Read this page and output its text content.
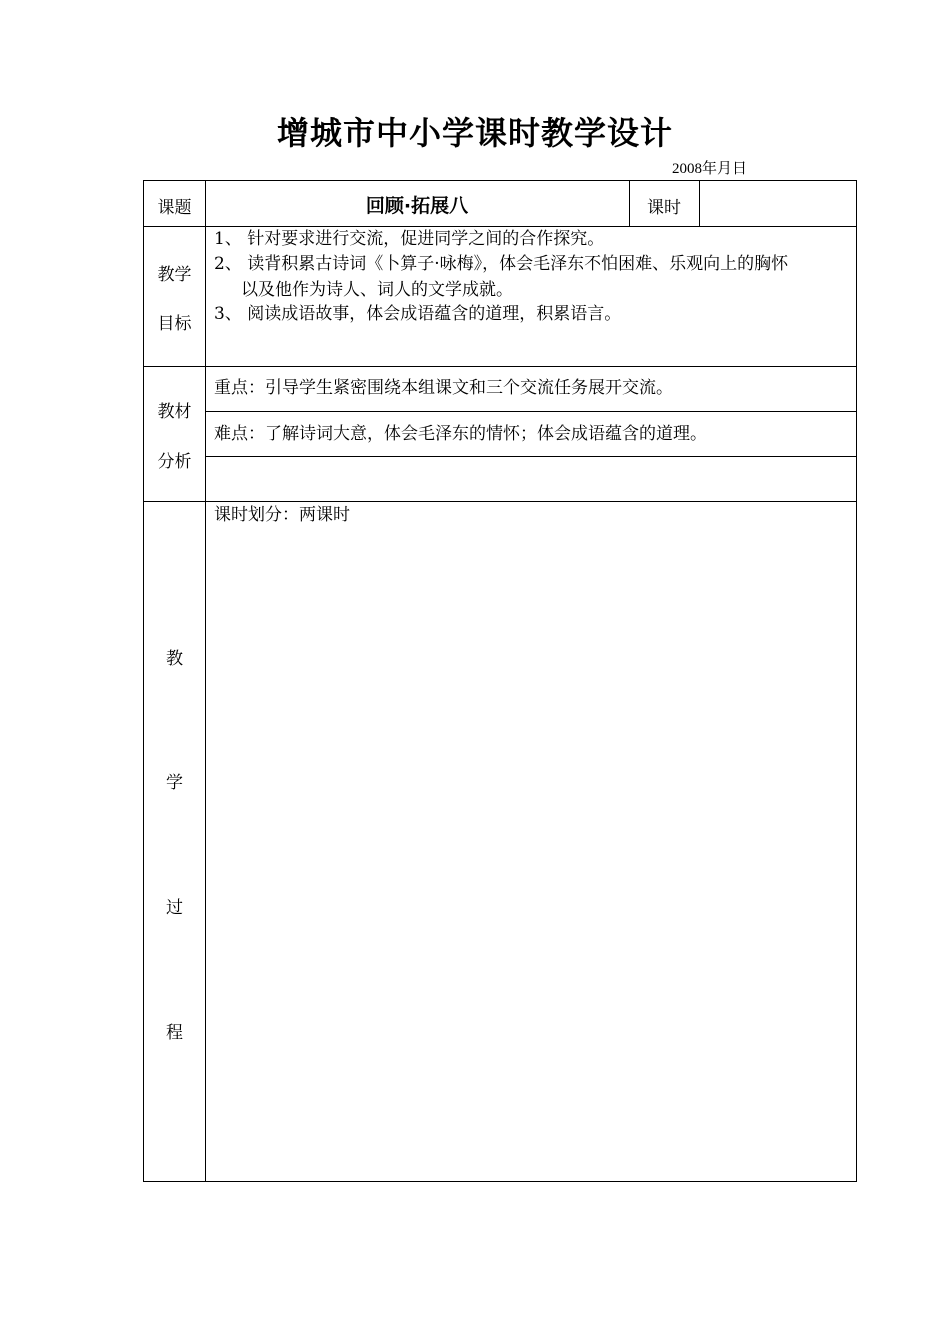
增城市中小学课时教学设计
2008年月日
课题	回顾·拓展八	课时
教学
目标
1、 针对要求进行交流，促进同学之间的合作探究。
2、 读背积累古诗词《卜算子·咏梅》，体会毛泽东不怕困难、乐观向上的胸怀
以及他作为诗人、词人的文学成就。
3、 阅读成语故事，体会成语蕴含的道理，积累语言。
教材
分析
重点：引导学生紧密围绕本组课文和三个交流任务展开交流。
难点：了解诗词大意，体会毛泽东的情怀；体会成语蕴含的道理。
教
学
过
程
课时划分：两课时
